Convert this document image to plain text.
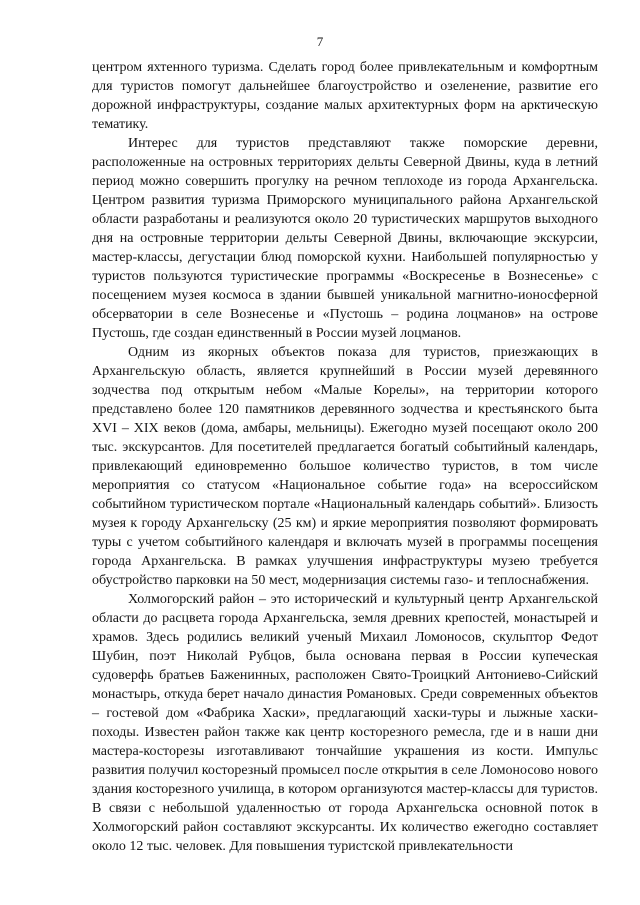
7

центром яхтенного туризма. Сделать город более привлекательным и комфортным для туристов помогут дальнейшее благоустройство и озеленение, развитие его дорожной инфраструктуры, создание малых архитектурных форм на арктическую тематику.

Интерес для туристов представляют также поморские деревни, расположенные на островных территориях дельты Северной Двины, куда в летний период можно совершить прогулку на речном теплоходе из города Архангельска. Центром развития туризма Приморского муниципального района Архангельской области разработаны и реализуются около 20 туристических маршрутов выходного дня на островные территории дельты Северной Двины, включающие экскурсии, мастер-классы, дегустации блюд поморской кухни. Наибольшей популярностью у туристов пользуются туристические программы «Воскресенье в Вознесенье» с посещением музея космоса в здании бывшей уникальной магнитно-ионосферной обсерватории в селе Вознесенье и «Пустошь – родина лоцманов» на острове Пустошь, где создан единственный в России музей лоцманов.

Одним из якорных объектов показа для туристов, приезжающих в Архангельскую область, является крупнейший в России музей деревянного зодчества под открытым небом «Малые Корелы», на территории которого представлено более 120 памятников деревянного зодчества и крестьянского быта XVI – XIX веков (дома, амбары, мельницы). Ежегодно музей посещают около 200 тыс. экскурсантов. Для посетителей предлагается богатый событийный календарь, привлекающий единовременно большое количество туристов, в том числе мероприятия со статусом «Национальное событие года» на всероссийском событийном туристическом портале «Национальный календарь событий». Близость музея к городу Архангельску (25 км) и яркие мероприятия позволяют формировать туры с учетом событийного календаря и включать музей в программы посещения города Архангельска. В рамках улучшения инфраструктуры музею требуется обустройство парковки на 50 мест, модернизация системы газо- и теплоснабжения.

Холмогорский район – это исторический и культурный центр Архангельской области до расцвета города Архангельска, земля древних крепостей, монастырей и храмов. Здесь родились великий ученый Михаил Ломоносов, скульптор Федот Шубин, поэт Николай Рубцов, была основана первая в России купеческая судоверфь братьев Баженинных, расположен Свято-Троицкий Антониево-Сийский монастырь, откуда берет начало династия Романовых. Среди современных объектов – гостевой дом «Фабрика Хаски», предлагающий хаски-туры и лыжные хаски-походы. Известен район также как центр косторезного ремесла, где и в наши дни мастера-косторезы изготавливают тончайшие украшения из кости. Импульс развития получил косторезный промысел после открытия в селе Ломоносово нового здания косторезного училища, в котором организуются мастер-классы для туристов. В связи с небольшой удаленностью от города Архангельска основной поток в Холмогорский район составляют экскурсанты. Их количество ежегодно составляет около 12 тыс. человек. Для повышения туристской привлекательности
